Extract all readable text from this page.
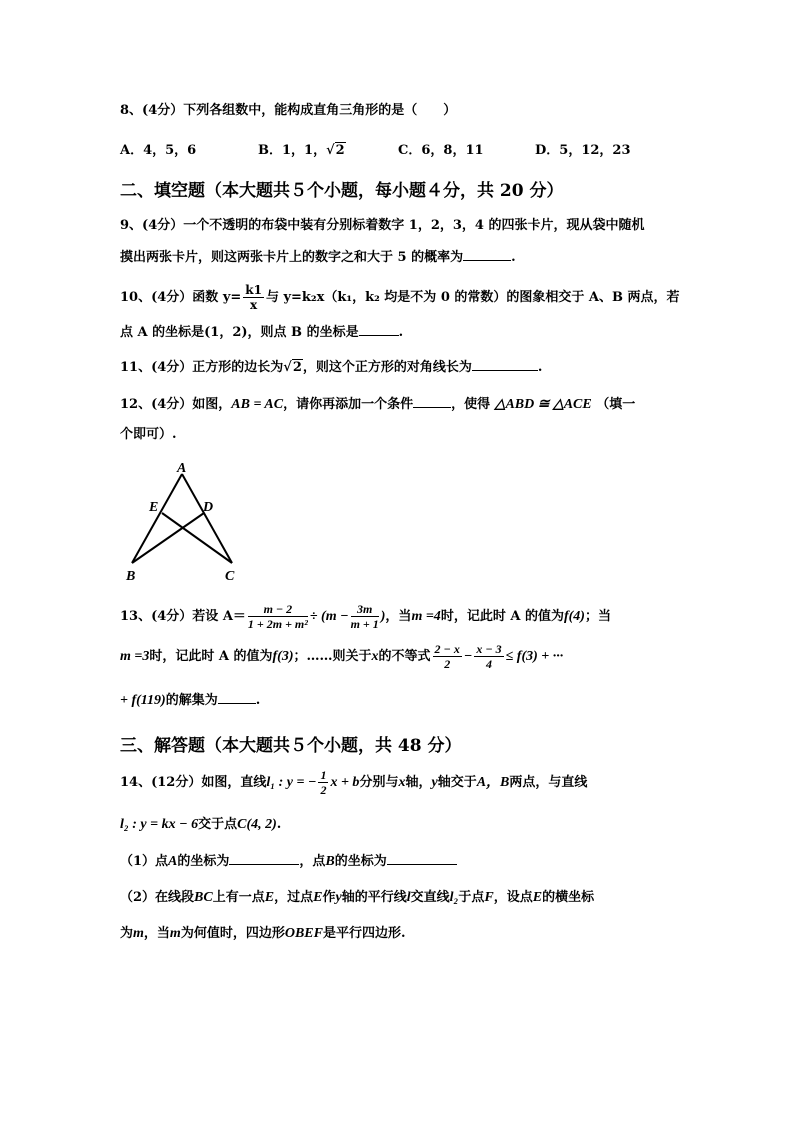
8、(4分）下列各组数中，能构成直角三角形的是（　　）
A．4，5，6	B．1，1，√2	C．6，8，11	D．5，12，23
二、填空题（本大题共５个小题，每小题４分，共 20 分）
9、(4分）一个不透明的布袋中装有分别标着数字 1，2，3，4 的四张卡片，现从袋中随机
摸出两张卡片，则这两张卡片上的数字之和大于 5 的概率为	.
10、(4分）函数 $y= \frac{k1}{x}$ 与 y=k₂x（k₁，k₂ 均是不为 0 的常数）的图象相交于 A、B 两点，若
点 A 的坐标是(1，2)，则点 B 的坐标是	.
11、(4分）正方形的边长为√2，则这个正方形的对角线长为	.
12、(4分）如图，AB = AC，请你再添加一个条件	，使得 △ABD ≅ △ACE （填一
个即可）.
A
E	D
B	C
13、(4分）若设 $A= \frac{m - 2}{\text{1 + 2m + m²}} \div (m - \frac{3m}{m + 1}$ )，当m =4时，记此时 A 的值为f(4)；当
m =3时，记此时 A 的值为f(3)；……则关于x的不等式 $\frac{2 - x}{2} - \frac{x - 3}{4} \le f(3)$ + ···
+ f(119)的解集为	.
三、解答题（本大题共５个小题，共 48 分）
14、(12分）如图，直线l₁ : y = − $\frac{1}{2}$ x + b分别与x轴，y轴交于A，B两点，与直线
l₂ : y = kx − 6交于点C(4, 2).
（1）点A的坐标为	，点B的坐标为
（2）在线段BC上有一点E，过点E作y轴的平行线l交直线l₂于点F，设点E的横坐标
为m，当m为何值时，四边形OBEF是平行四边形.
